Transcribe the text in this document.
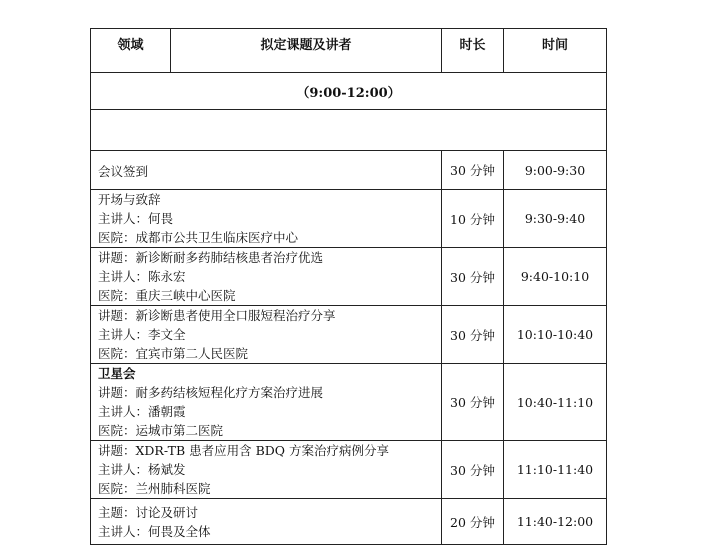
领域	拟定课题及讲者	时长	时间
（9:00-12:00）			

会议签到		30 分钟	9:00-9:30

开场与致辞
主讲人：何畏
医院：成都市公共卫生临床医疗中心		10 分钟	9:30-9:40

讲题：新诊断耐多药肺结核患者治疗优选
主讲人：陈永宏
医院：重庆三峡中心医院		30 分钟	9:40-10:10

讲题：新诊断患者使用全口服短程治疗分享
主讲人：李文全
医院：宜宾市第二人民医院		30 分钟	10:10-10:40

卫星会
讲题：耐多药结核短程化疗方案治疗进展
主讲人：潘朝霞
医院：运城市第二医院		30 分钟	10:40-11:10

讲题：XDR-TB 患者应用含 BDQ 方案治疗病例分享
主讲人：杨斌发
医院：兰州肺科医院		30 分钟	11:10-11:40

主题：讨论及研讨
主讲人：何畏及全体		20 分钟	11:40-12:00
